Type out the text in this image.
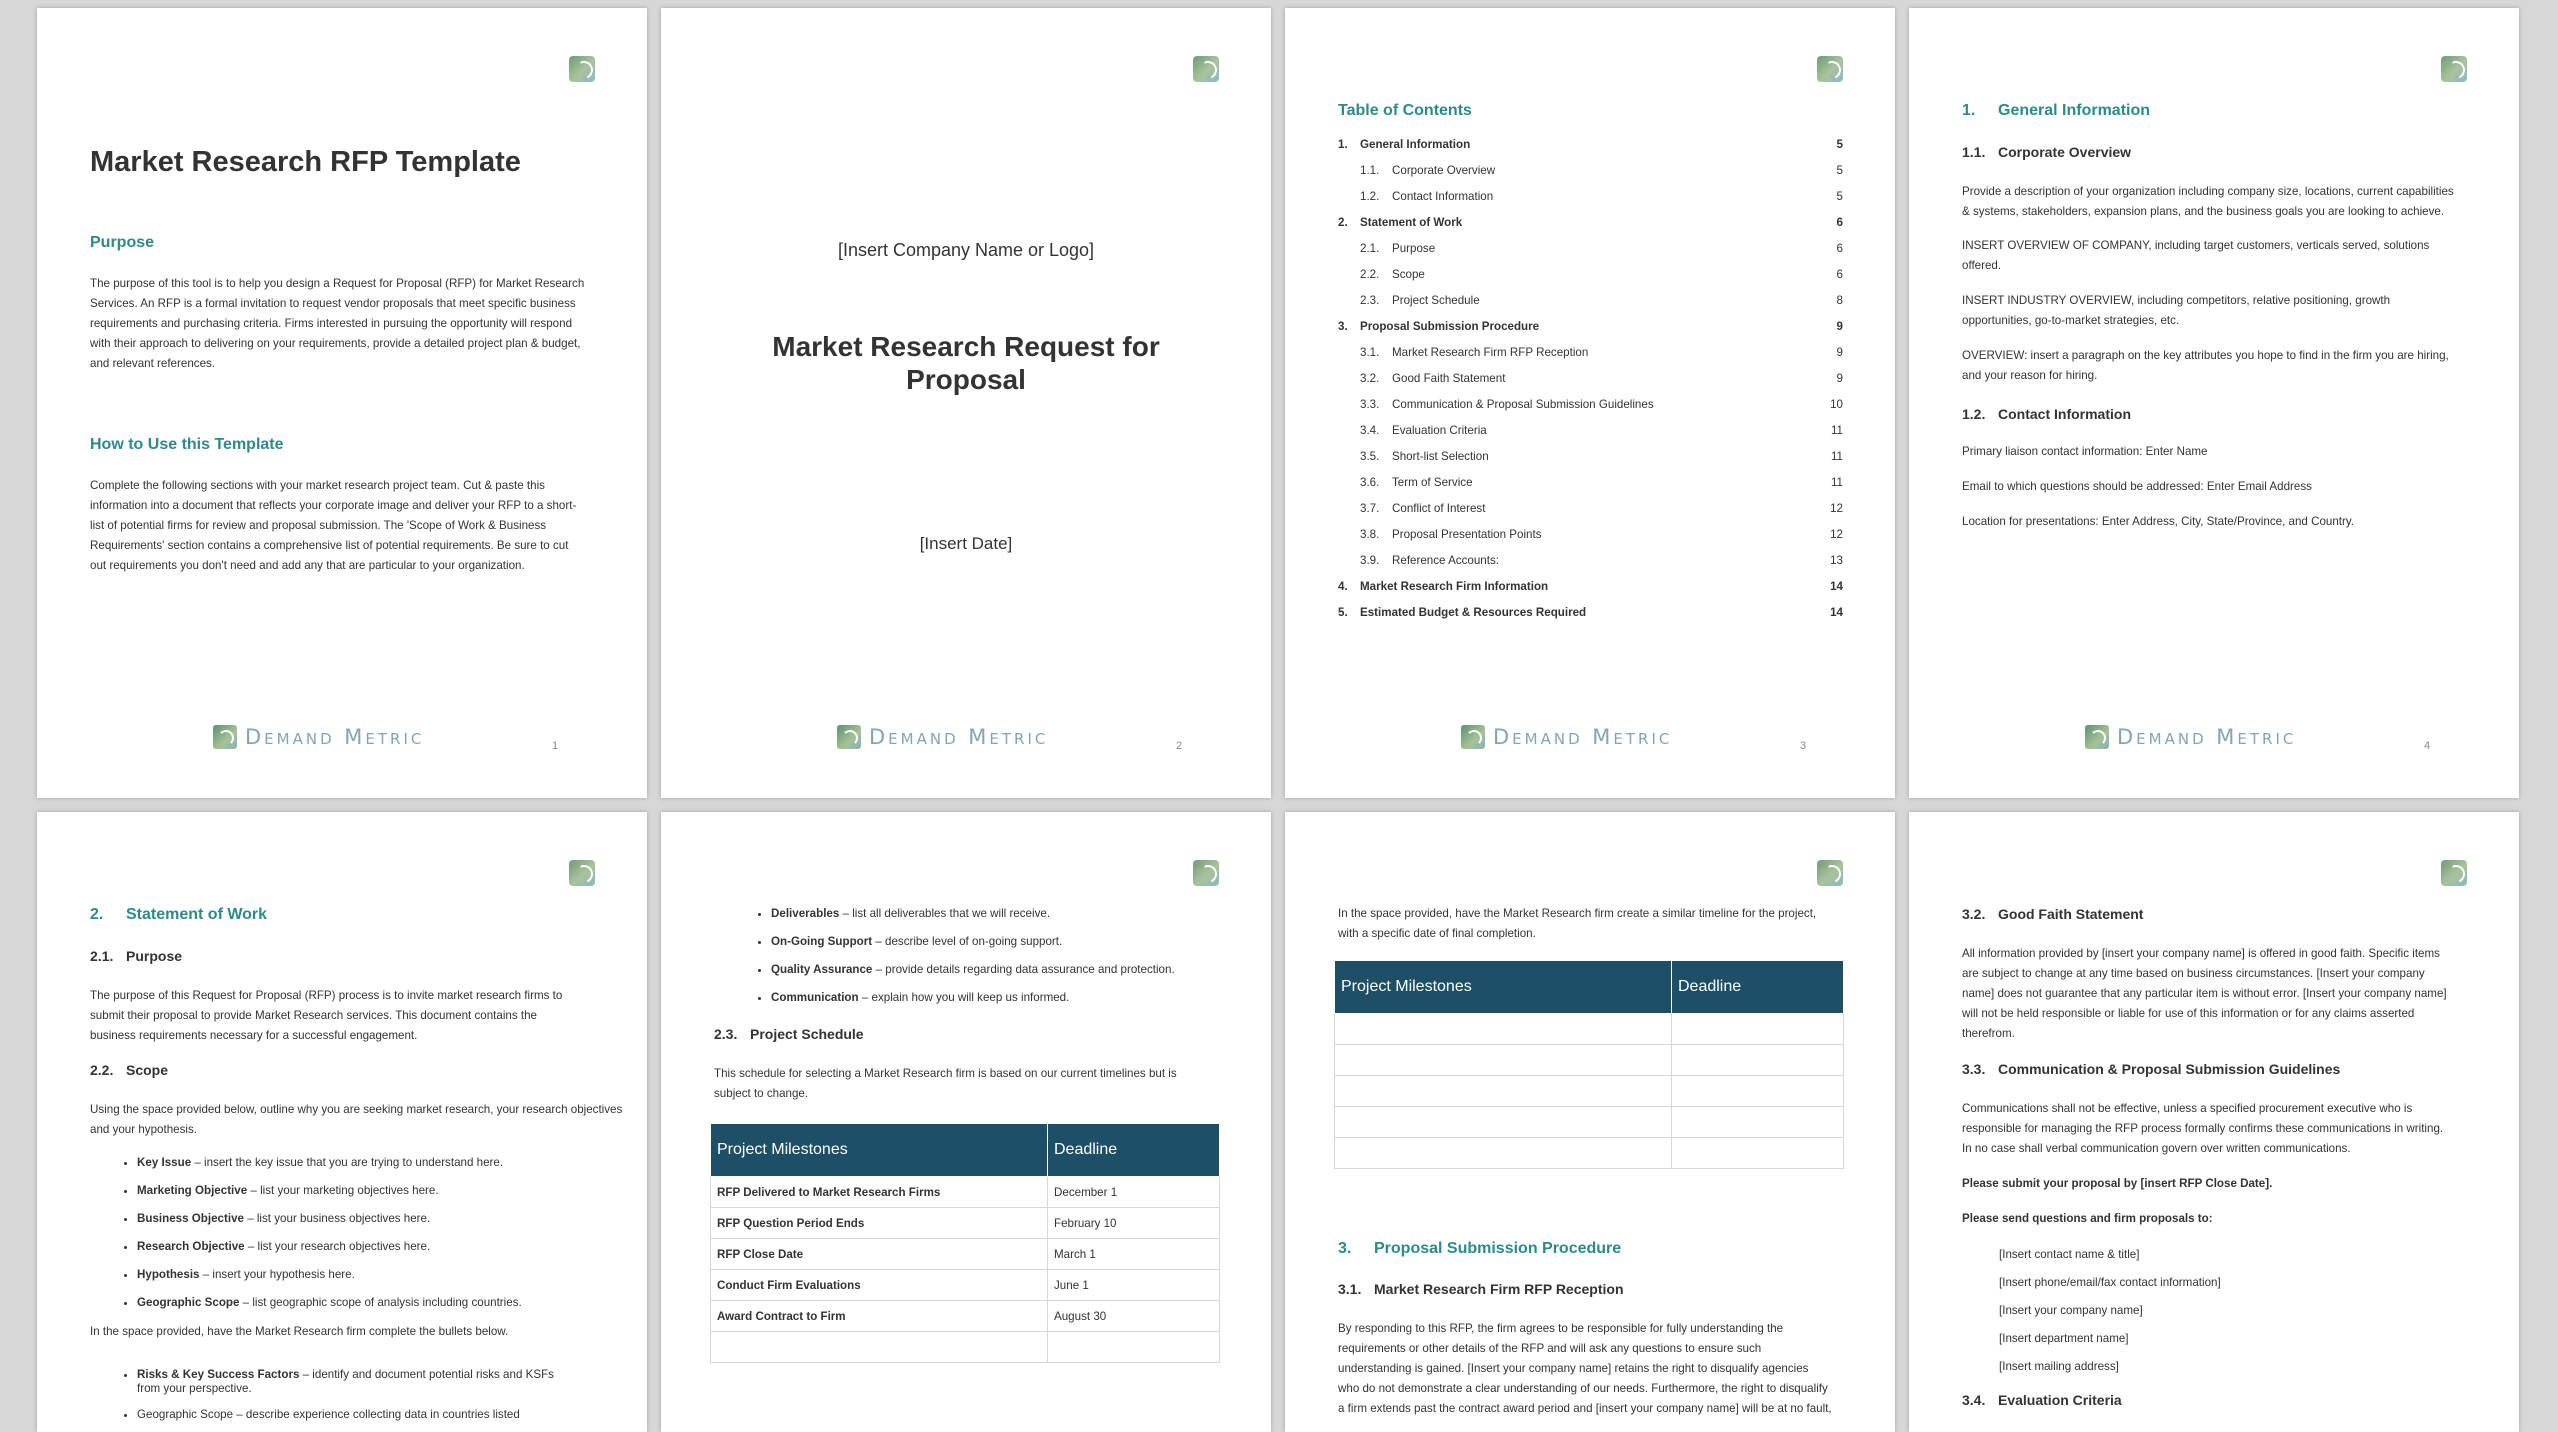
Market Research RFP Template
Purpose
The purpose of this tool is to help you design a Request for Proposal (RFP) for Market Research
Services. An RFP is a formal invitation to request vendor proposals that meet specific business
requirements and purchasing criteria. Firms interested in pursuing the opportunity will respond
with their approach to delivering on your requirements, provide a detailed project plan & budget,
and relevant references.
How to Use this Template
Complete the following sections with your market research project team. Cut & paste this
information into a document that reflects your corporate image and deliver your RFP to a short-
list of potential firms for review and proposal submission. The 'Scope of Work & Business
Requirements' section contains a comprehensive list of potential requirements. Be sure to cut
out requirements you don't need and add any that are particular to your organization.
Demand Metric	1
[Insert Company Name or Logo]
Market Research Request for
Proposal
[Insert Date]
Demand Metric	2
Table of Contents
Demand Metric	3
1.	General Information	5
1.1.	Corporate Overview	5
1.2.	Contact Information	5
2.	Statement of Work	6
2.1.	Purpose	6
2.2.	Scope	6
2.3.	Project Schedule	8
3.	Proposal Submission Procedure	9
3.1.	Market Research Firm RFP Reception	9
3.2.	Good Faith Statement	9
3.3.	Communication & Proposal Submission Guidelines	10
3.4.	Evaluation Criteria	11
3.5.	Short-list Selection	11
3.6.	Term of Service	11
3.7.	Conflict of Interest	12
3.8.	Proposal Presentation Points	12
3.9.	Reference Accounts:	13
4.	Market Research Firm Information	14
5.	Estimated Budget & Resources Required	14
1. General Information
1.1. Corporate Overview
Provide a description of your organization including company size, locations, current capabilities
& systems, stakeholders, expansion plans, and the business goals you are looking to achieve.
INSERT OVERVIEW OF COMPANY, including target customers, verticals served, solutions
offered.
INSERT INDUSTRY OVERVIEW, including competitors, relative positioning, growth
opportunities, go-to-market strategies, etc.
OVERVIEW: insert a paragraph on the key attributes you hope to find in the firm you are hiring,
and your reason for hiring.
1.2. Contact Information
Primary liaison contact information: Enter Name
Email to which questions should be addressed: Enter Email Address
Location for presentations: Enter Address, City, State/Province, and Country.
Demand Metric	4
2. Statement of Work
2.1. Purpose
The purpose of this Request for Proposal (RFP) process is to invite market research firms to
submit their proposal to provide Market Research services. This document contains the
business requirements necessary for a successful engagement.
2.2. Scope
Using the space provided below, outline why you are seeking market research, your research objectives
and your hypothesis.
• Key Issue – insert the key issue that you are trying to understand here.
• Marketing Objective – list your marketing objectives here.
• Business Objective – list your business objectives here.
• Research Objective – list your research objectives here.
• Hypothesis – insert your hypothesis here.
• Geographic Scope – list geographic scope of analysis including countries.
In the space provided, have the Market Research firm complete the bullets below.
• Risks & Key Success Factors – identify and document potential risks and KSFs
from your perspective.
• Geographic Scope – describe experience collecting data in countries listed
• Deliverables – list all deliverables that we will receive.
• On-Going Support – describe level of on-going support.
• Quality Assurance – provide details regarding data assurance and protection.
• Communication – explain how you will keep us informed.
2.3. Project Schedule
This schedule for selecting a Market Research firm is based on our current timelines but is
subject to change.
Project Milestones	Deadline
RFP Delivered to Market Research Firms	December 1
RFP Question Period Ends	February 10
RFP Close Date	March 1
Conduct Firm Evaluations	June 1
Award Contract to Firm	August 30

In the space provided, have the Market Research firm create a similar timeline for the project,
with a specific date of final completion.
Project Milestones	Deadline

3. Proposal Submission Procedure
3.1. Market Research Firm RFP Reception
By responding to this RFP, the firm agrees to be responsible for fully understanding the
requirements or other details of the RFP and will ask any questions to ensure such
understanding is gained. [Insert your company name] retains the right to disqualify agencies
who do not demonstrate a clear understanding of our needs. Furthermore, the right to disqualify
a firm extends past the contract award period and [insert your company name] will be at no fault,
3.2. Good Faith Statement
All information provided by [insert your company name] is offered in good faith. Specific items
are subject to change at any time based on business circumstances. [Insert your company
name] does not guarantee that any particular item is without error. [Insert your company name]
will not be held responsible or liable for use of this information or for any claims asserted
therefrom.
3.3. Communication & Proposal Submission Guidelines
Communications shall not be effective, unless a specified procurement executive who is
responsible for managing the RFP process formally confirms these communications in writing.
In no case shall verbal communication govern over written communications.
Please submit your proposal by [insert RFP Close Date].
Please send questions and firm proposals to:
[Insert contact name & title]
[Insert phone/email/fax contact information]
[Insert your company name]
[Insert department name]
[Insert mailing address]
3.4. Evaluation Criteria
